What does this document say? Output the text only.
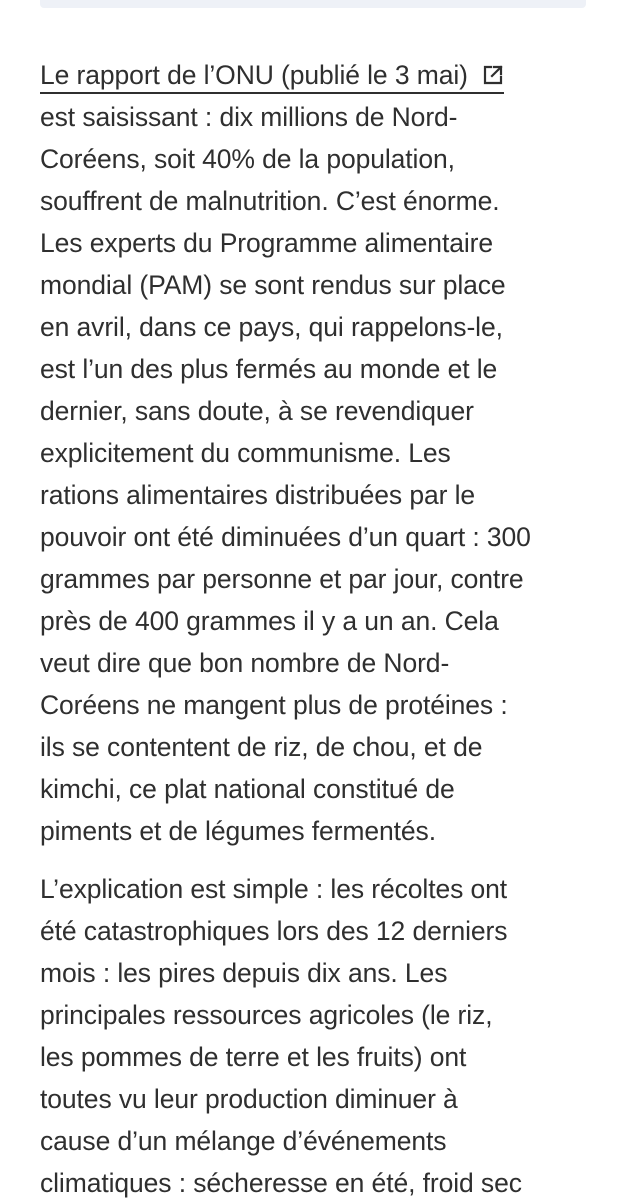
Le rapport de l’ONU (publié le 3 mai)

est saisissant : dix millions de Nord-
Coréens, soit 40% de la population,
souffrent de malnutrition. C’est énorme.
Les experts du Programme alimentaire
mondial (PAM) se sont rendus sur place
en avril, dans ce pays, qui rappelons-le,
est l’un des plus fermés au monde et le
dernier, sans doute, à se revendiquer
explicitement du communisme. Les
rations alimentaires distribuées par le
pouvoir ont été diminuées d’un quart : 300
grammes par personne et par jour, contre
près de 400 grammes il y a un an. Cela
veut dire que bon nombre de Nord-
Coréens ne mangent plus de protéines :
ils se contentent de riz, de chou, et de
kimchi, ce plat national constitué de
piments et de légumes fermentés.

L’explication est simple : les récoltes ont
été catastrophiques lors des 12 derniers
mois : les pires depuis dix ans. Les
principales ressources agricoles (le riz,
les pommes de terre et les fruits) ont
toutes vu leur production diminuer à
cause d’un mélange d’événements
climatiques : sécheresse en été, froid sec
